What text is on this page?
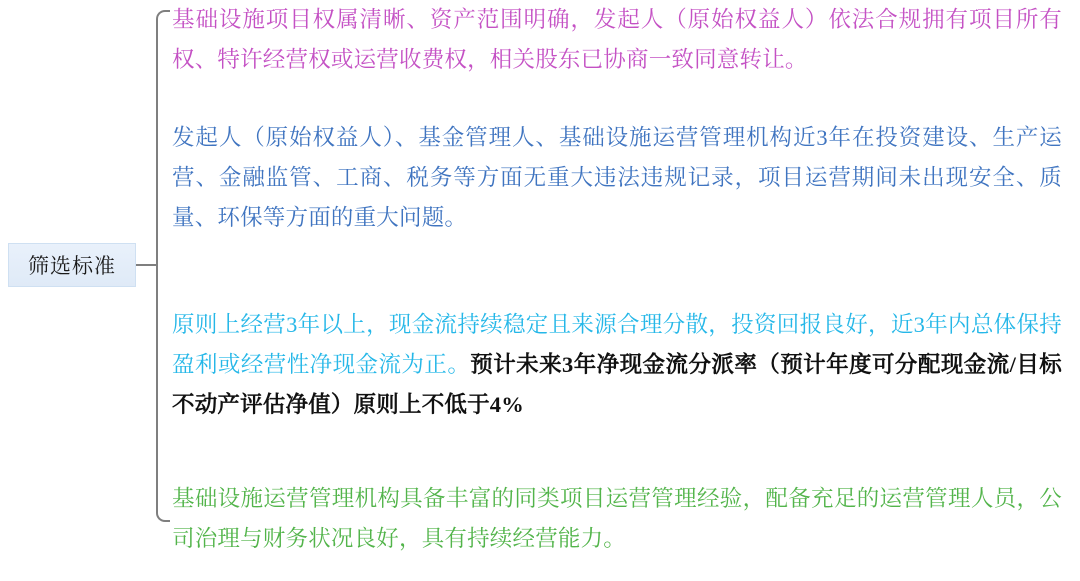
筛选标准
基础设施项目权属清晰、资产范围明确，发起人（原始权益人）依法合规拥有项目所有权、特许经营权或运营收费权，相关股东已协商一致同意转让。
发起人（原始权益人）、基金管理人、基础设施运营管理机构近3年在投资建设、生产运营、金融监管、工商、税务等方面无重大违法违规记录，项目运营期间未出现安全、质量、环保等方面的重大问题。
原则上经营3年以上，现金流持续稳定且来源合理分散，投资回报良好，近3年内总体保持盈利或经营性净现金流为正。预计未来3年净现金流分派率（预计年度可分配现金流/目标不动产评估净值）原则上不低于4%
基础设施运营管理机构具备丰富的同类项目运营管理经验，配备充足的运营管理人员，公司治理与财务状况良好，具有持续经营能力。
